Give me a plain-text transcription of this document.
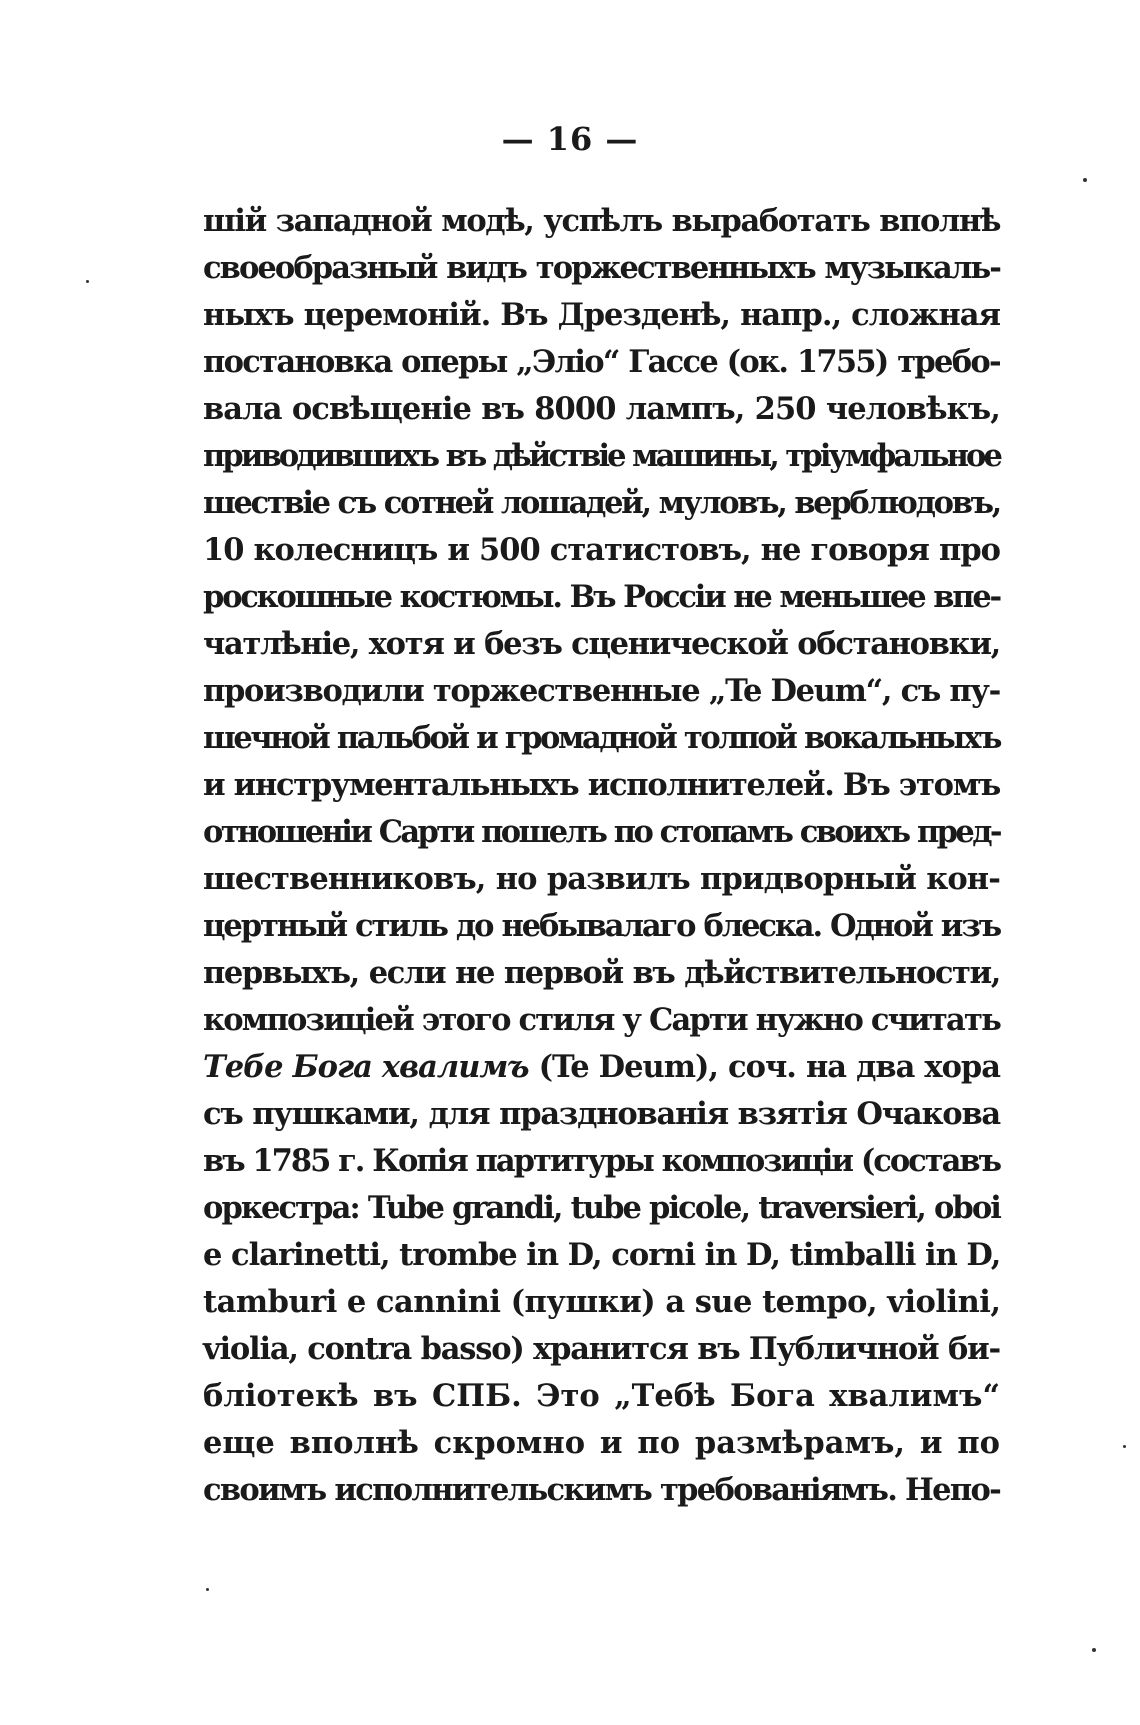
— 16 —
шій западной модѣ, успѣлъ выработать вполнѣ
своеобразный видъ торжественныхъ музыкаль-
ныхъ церемоній. Въ Дрезденѣ, напр., сложная
постановка оперы „Эліо“ Гассе (ок. 1755) требо-
вала освѣщеніе въ 8000 лампъ, 250 человѣкъ,
приводившихъ въ дѣйствіе машины, тріумфальное
шествіе съ сотней лошадей, муловъ, верблюдовъ,
10 колесницъ и 500 статистовъ, не говоря про
роскошные костюмы. Въ Россіи не меньшее впе-
чатлѣніе, хотя и безъ сценической обстановки,
производили торжественные „Te Deum“, съ пу-
шечной пальбой и громадной толпой вокальныхъ
и инструментальныхъ исполнителей. Въ этомъ
отношеніи Сарти пошелъ по стопамъ своихъ пред-
шественниковъ, но развилъ придворный кон-
цертный стиль до небывалаго блеска. Одной изъ
первыхъ, если не первой въ дѣйствительности,
композиціей этого стиля у Сарти нужно считать
Тебе Бога хвалимъ (Te Deum), соч. на два хора
съ пушками, для празднованія взятія Очакова
въ 1785 г. Копія партитуры композиціи (составъ
оркестра: Tube grandi, tube picole, traversieri, oboi
e clarinetti, trombe in D, corni in D, timballi in D,
tamburi e cannini (пушки) a sue tempo, violini,
violia, contra basso) хранится въ Публичной би-
бліотекѣ въ СПБ. Это „Тебѣ Бога хвалимъ“
еще вполнѣ скромно и по размѣрамъ, и по
своимъ исполнительскимъ требованіямъ. Непо-
